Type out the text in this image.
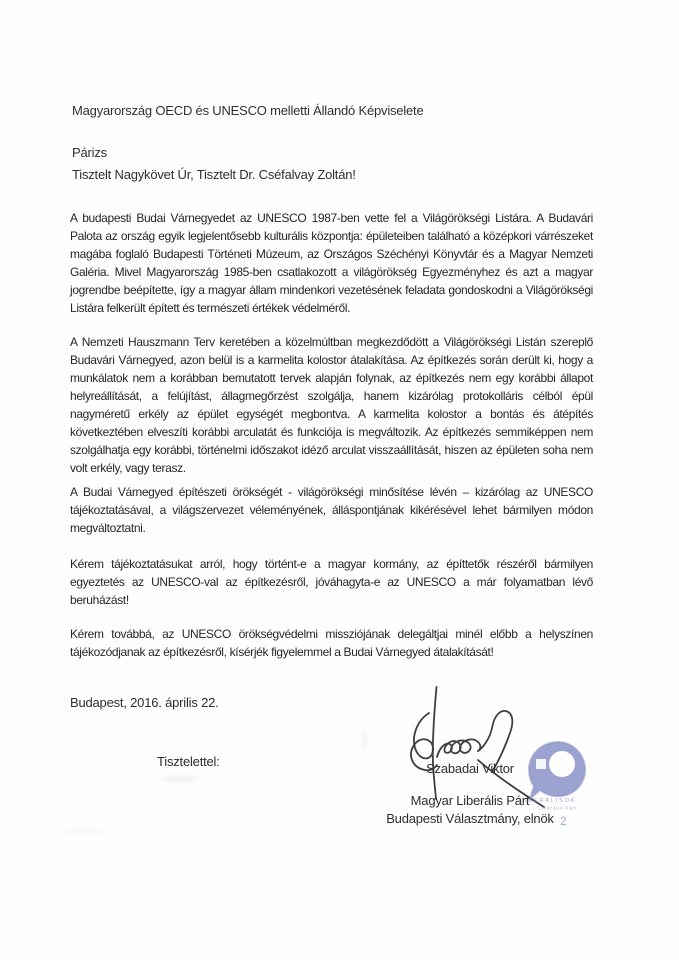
Magyarország OECD és UNESCO melletti Állandó Képviselete

Párizs

Tisztelt Nagykövet Úr, Tisztelt Dr. Cséfalvay Zoltán!
A budapesti Budai Várnegyedet az UNESCO 1987-ben vette fel a Világörökségi Listára. A Budavári Palota az ország egyik legjelentősebb kulturális központja: épületeiben található a középkori várrészeket magába foglaló Budapesti Történeti Múzeum, az Országos Széchényi Könyvtár és a Magyar Nemzeti Galéria. Mivel Magyarország 1985-ben csatlakozott a világörökség Egyezményhez és azt a magyar jogrendbe beépítette, így a magyar állam mindenkori vezetésének feladata gondoskodni a Világörökségi Listára felkerült épített és természeti értékek védelméről.
A Nemzeti Hauszmann Terv keretében a közelmúltban megkezdődött a Világörökségi Listán szereplő Budavári Várnegyed, azon belül is a karmelita kolostor átalakítása. Az építkezés során derült ki, hogy a munkálatok nem a korábban bemutatott tervek alapján folynak, az építkezés nem egy korábbi állapot helyreállítását, a felújítást, állagmegőrzést szolgálja, hanem kizárólag protokolláris célból épül nagyméretű erkély az épület egységét megbontva. A karmelita kolostor a bontás és átépítés következtében elveszíti korábbi arculatát és funkciója is megváltozik. Az építkezés semmiképpen nem szolgálhatja egy korábbi, történelmi időszakot idéző arculat visszaállítását, hiszen az épületen soha nem volt erkély, vagy terasz.
A Budai Várnegyed építészeti örökségét - világörökségi minősítése lévén – kizárólag az UNESCO tájékoztatásával, a világszervezet véleményének, álláspontjának kikérésével lehet bármilyen módon megváltoztatni.
Kérem tájékoztatásukat arról, hogy történt-e a magyar kormány, az építtetők részéről bármilyen egyeztetés az UNESCO-val az építkezésről, jóváhagyta-e az UNESCO a már folyamatban lévő beruházást!
Kérem továbbá, az UNESCO örökségvédelmi missziójának delegáltjai minél előbb a helyszínen tájékozódjanak az építkezésről, kísérjék figyelemmel a Budai Várnegyed átalakítását!
Budapest, 2016. április 22.
Tisztelettel:
LIBERÁLISOK
Liberális Párt
2
Szabadai Viktor
Magyar Liberális Párt
Budapesti Választmány, elnök
